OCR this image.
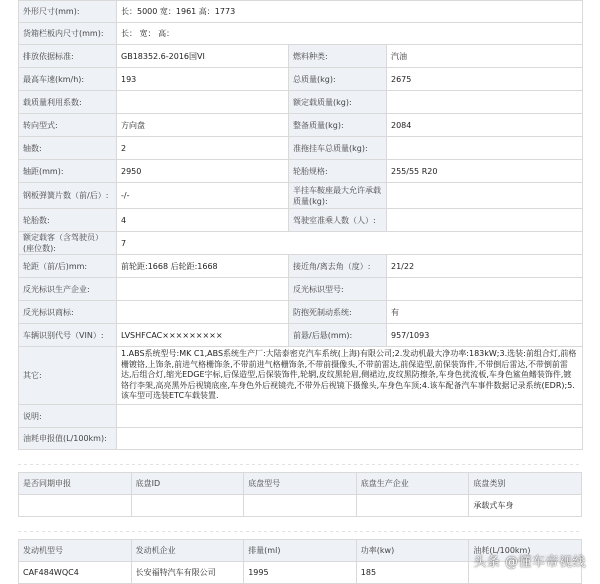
外形尺寸(mm):	长：5000 宽：1961 高：1773		
货箱栏板内尺寸(mm):	长： 宽： 高：		
排放依据标准:	GB18352.6-2016国VI	燃料种类:	汽油
最高车速(km/h):	193	总质量(kg):	2675
载质量利用系数:		额定载质量(kg):	
转向型式:	方向盘	整备质量(kg):	2084
轴数:	2	准拖挂车总质量(kg):	
轴距(mm):	2950	轮胎规格:	255/55 R20
钢板弹簧片数（前/后）:	-/-	半挂车鞍座最大允许承载质量(kg):	
轮胎数:	4	驾驶室准乘人数（人）:	
额定载客（含驾驶员）(座位数):	7		
轮距（前/后)mm:	前轮距:1668 后轮距:1668	接近角/离去角（度）:	21/22
反光标识生产企业:		反光标识型号:	
反光标识商标:		防抱死制动系统:	有
车辆识别代号（VIN）:	LVSHFCAC×××××××××	前悬/后悬(mm):	957/1093
其它:	1.ABS系统型号:MK C1,ABS系统生产厂:大陆泰密克汽车系统(上海)有限公司;2.发动机最大净功率:183kW;3.选装:前组合灯,前格栅镀铬,上饰条,前进气格栅饰条,不带前进气格栅饰条,不带前摄像头,不带前雷达,前保造型,前保装饰件,不带倒后雷达,不带倒前雷达,后组合灯,缩光EDGE字标,后保造型,后保装饰件,轮辋,皮纹黑轮眉,侧裙边,皮纹黑防擦条,车身色扰流板,车身色鲨鱼鳍装饰件,镀铬行李架,高亮黑外后视镜底座,车身色外后视镜壳,不带外后视镜下摄像头,车身色车顶;4.该车配备汽车事件数据记录系统(EDR);5.该车型可选装ETC车载装置.		
说明:			
油耗申报值(L/100km):			
是否同期申报	底盘ID	底盘型号	底盘生产企业	底盘类别
				承载式车身
发动机型号	发动机企业	排量(ml)	功率(kw)	油耗(L/100km)
CAF484WQC4	长安福特汽车有限公司	1995	185	
头条 @懂车帝视线
